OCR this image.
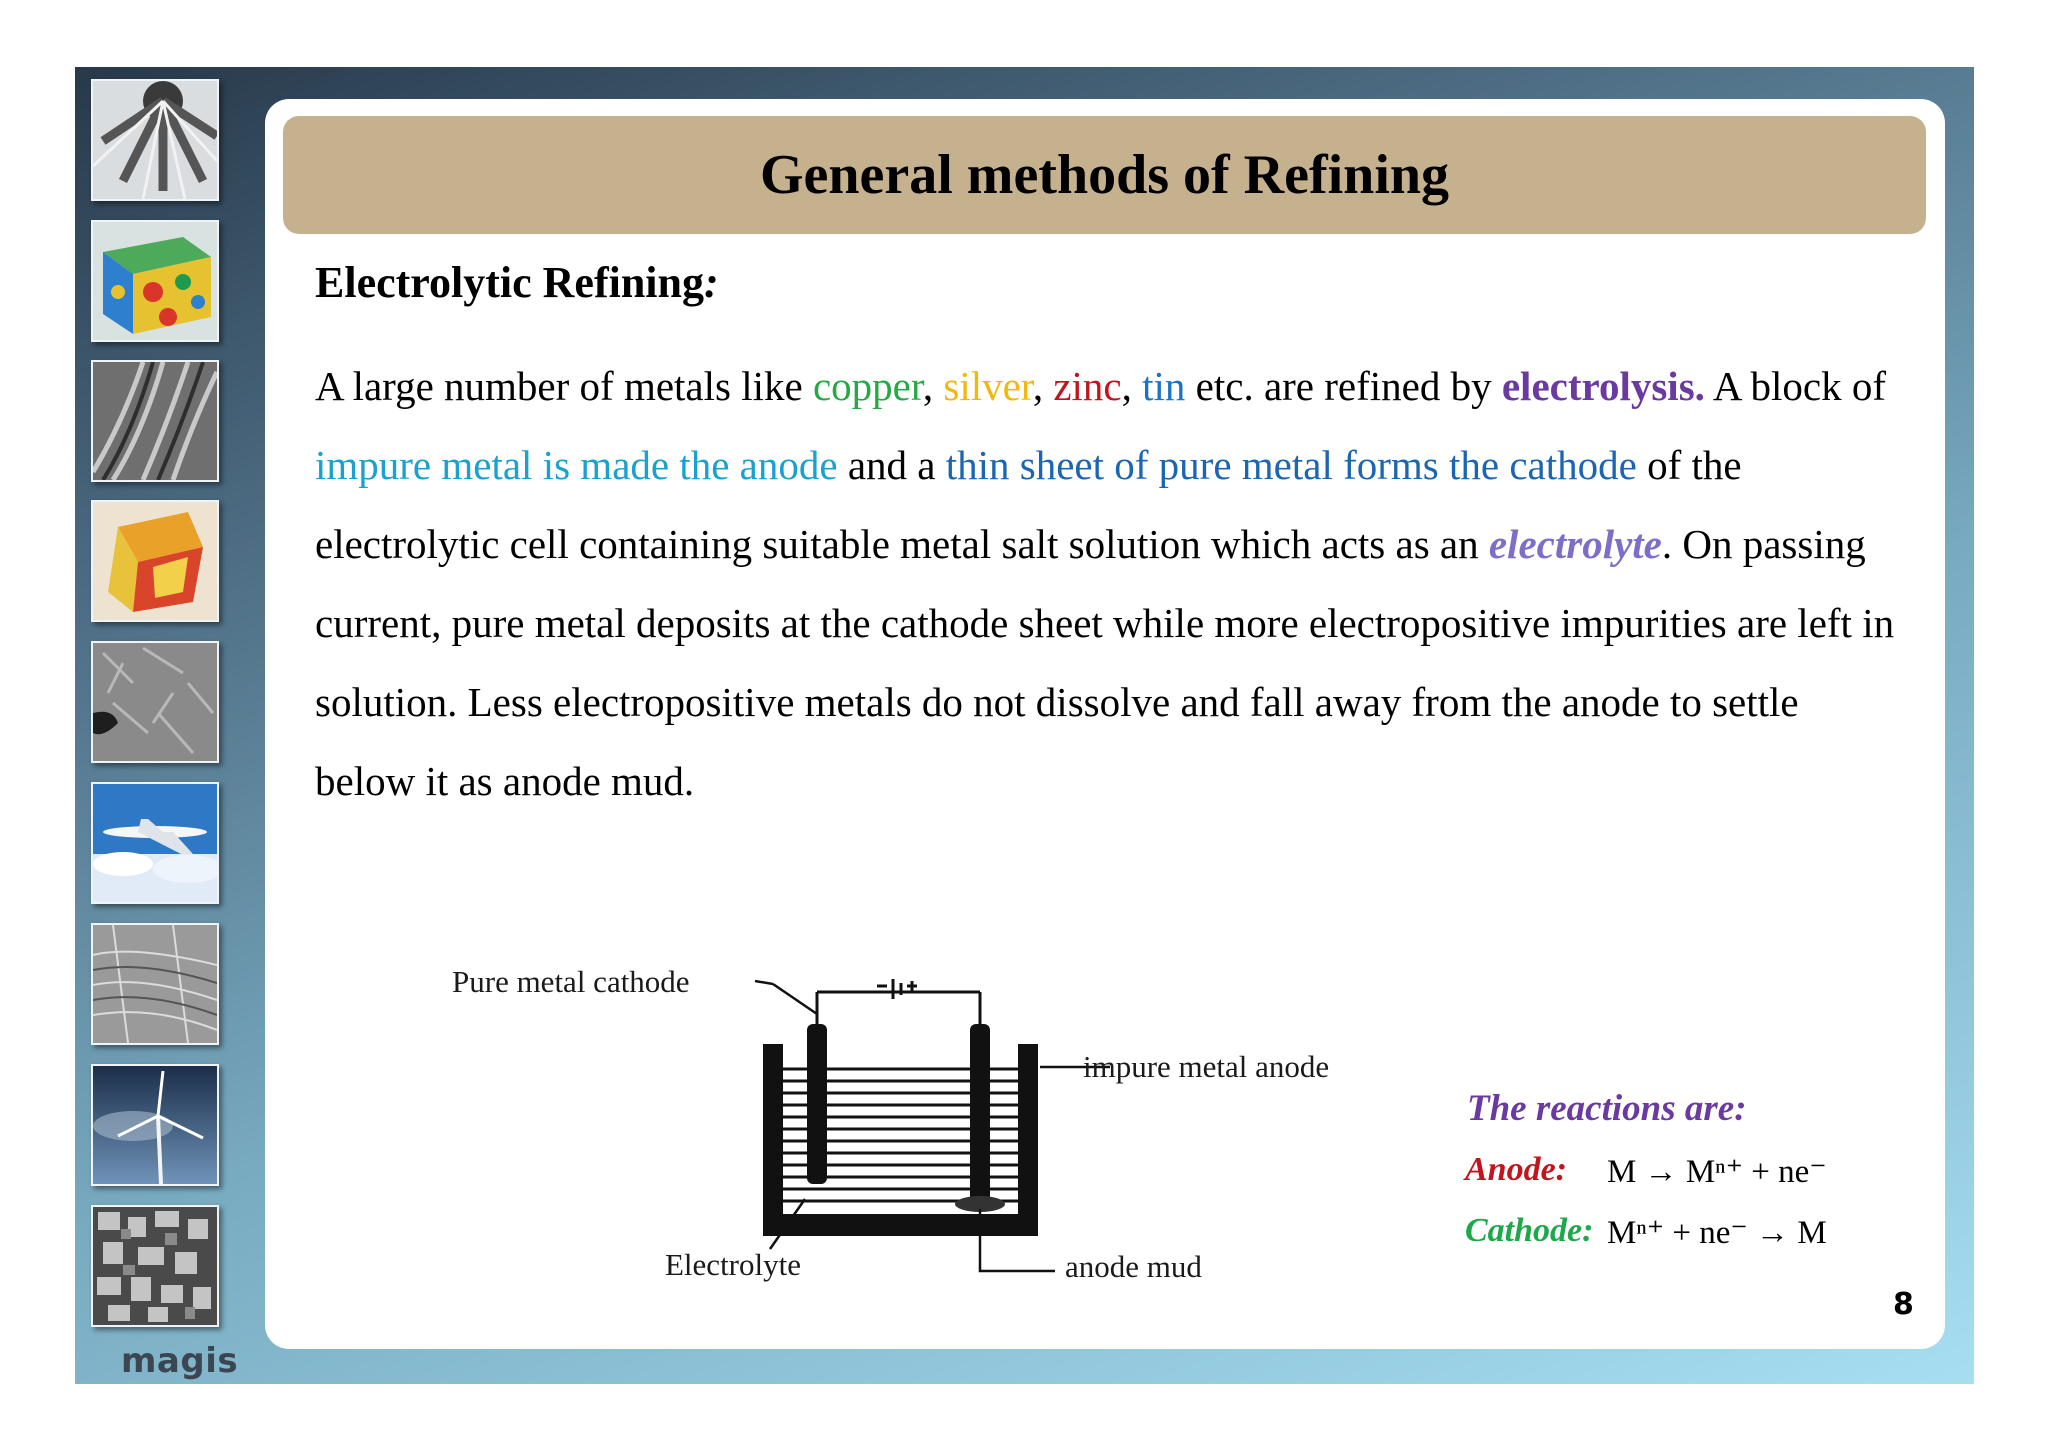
magis
General methods of Refining
Electrolytic Refining:
A large number of metals like copper, silver, zinc, tin etc. are refined by electrolysis. A block of impure metal is made the anode and a thin sheet of pure metal forms the cathode of the electrolytic cell containing suitable metal salt solution which acts as an electrolyte. On passing current, pure metal deposits at the cathode sheet while more electropositive impurities are left in solution. Less electropositive metals do not dissolve and fall away from the anode to settle below it as anode mud.
Pure metal cathode
impure metal anode
Electrolyte	anode mud
The reactions are:
Anode: M → Mⁿ⁺ + ne⁻
Cathode: Mⁿ⁺ + ne⁻ → M
8
